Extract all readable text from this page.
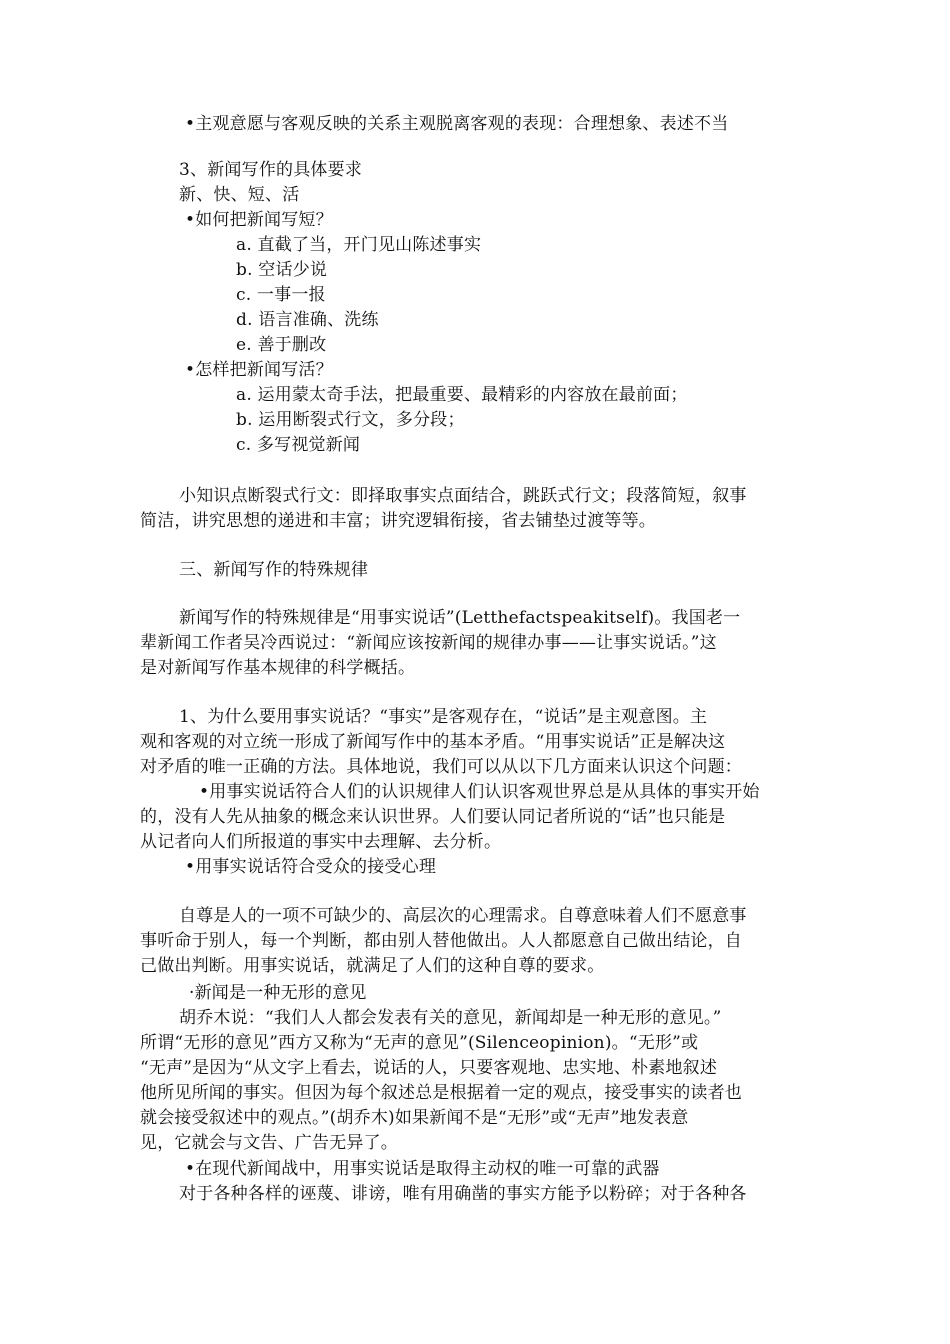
•主观意愿与客观反映的关系主观脱离客观的表现：合理想象、表述不当
3、新闻写作的具体要求
新、快、短、活
•如何把新闻写短？
a. 直截了当，开门见山陈述事实
b. 空话少说
c. 一事一报
d. 语言准确、洗练
e. 善于删改
•怎样把新闻写活？
a. 运用蒙太奇手法，把最重要、最精彩的内容放在最前面；
b. 运用断裂式行文，多分段；
c. 多写视觉新闻
小知识点断裂式行文：即择取事实点面结合，跳跃式行文；段落简短，叙事
简洁，讲究思想的递进和丰富；讲究逻辑衔接，省去铺垫过渡等等。
三、新闻写作的特殊规律
新闻写作的特殊规律是“用事实说话”(Letthefactspeakitself)。我国老一
辈新闻工作者吴冷西说过：“新闻应该按新闻的规律办事——让事实说话。”这
是对新闻写作基本规律的科学概括。
1、为什么要用事实说话？“事实”是客观存在，“说话”是主观意图。主
观和客观的对立统一形成了新闻写作中的基本矛盾。“用事实说话”正是解决这
对矛盾的唯一正确的方法。具体地说，我们可以从以下几方面来认识这个问题：
•用事实说话符合人们的认识规律人们认识客观世界总是从具体的事实开始
的，没有人先从抽象的概念来认识世界。人们要认同记者所说的“话”也只能是
从记者向人们所报道的事实中去理解、去分析。
•用事实说话符合受众的接受心理
自尊是人的一项不可缺少的、高层次的心理需求。自尊意味着人们不愿意事
事听命于别人，每一个判断，都由别人替他做出。人人都愿意自己做出结论，自
己做出判断。用事实说话，就满足了人们的这种自尊的要求。
·新闻是一种无形的意见
胡乔木说：“我们人人都会发表有关的意见，新闻却是一种无形的意见。”
所谓“无形的意见”西方又称为“无声的意见”(Silenceopinion)。“无形”或
“无声”是因为“从文字上看去，说话的人，只要客观地、忠实地、朴素地叙述
他所见所闻的事实。但因为每个叙述总是根据着一定的观点，接受事实的读者也
就会接受叙述中的观点。”(胡乔木)如果新闻不是“无形”或“无声”地发表意
见，它就会与文告、广告无异了。
•在现代新闻战中，用事实说话是取得主动权的唯一可靠的武器
对于各种各样的诬蔑、诽谤，唯有用确凿的事实方能予以粉碎；对于各种各
